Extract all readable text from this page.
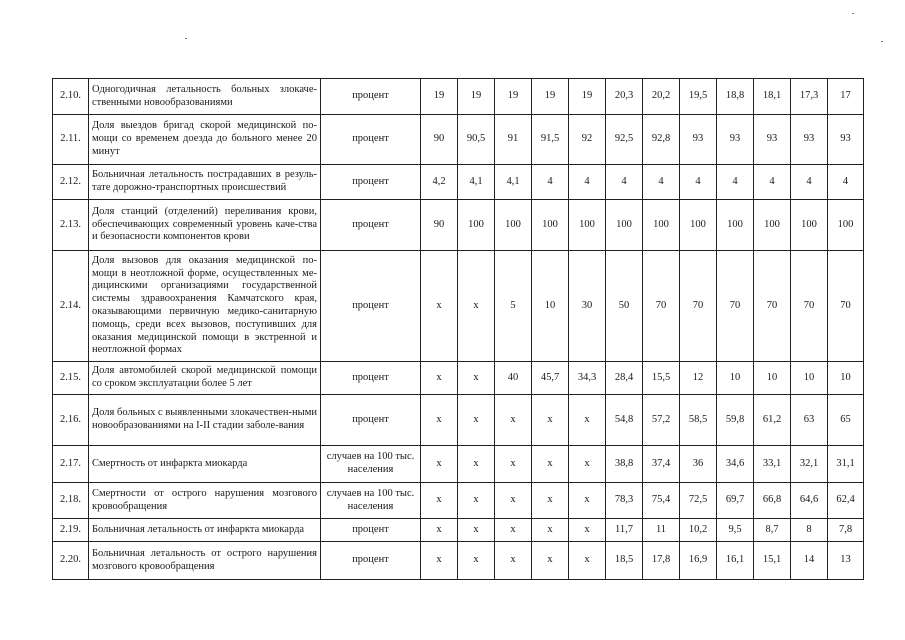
2.10.	Одногодичная летальность больных злокаче-ственными новообразованиями	процент	19	19	19	19	19	20,3	20,2	19,5	18,8	18,1	17,3	17
2.11.	Доля выездов бригад скорой медицинской по-мощи со временем доезда до больного менее 20 минут	процент	90	90,5	91	91,5	92	92,5	92,8	93	93	93	93	93
2.12.	Больничная летальность пострадавших в резуль-тате дорожно-транспортных происшествий	процент	4,2	4,1	4,1	4	4	4	4	4	4	4	4	4
2.13.	Доля станций (отделений) переливания крови, обеспечивающих современный уровень каче-ства и безопасности компонентов крови	процент	90	100	100	100	100	100	100	100	100	100	100	100
2.14.	Доля вызовов для оказания медицинской по-мощи в неотложной форме, осуществленных ме-дицинскими организациями государственной системы здравоохранения Камчатского края, оказывающими первичную медико-санитарную помощь, среди всех вызовов, поступивших для оказания медицинской помощи в экстренной и неотложной формах	процент	х	х	5	10	30	50	70	70	70	70	70	70
2.15.	Доля автомобилей скорой медицинской помощи со сроком эксплуатации более 5 лет	процент	х	х	40	45,7	34,3	28,4	15,5	12	10	10	10	10
2.16.	Доля больных с выявленными злокачествен-ными новообразованиями на I-II стадии заболе-вания	процент	х	х	х	х	х	54,8	57,2	58,5	59,8	61,2	63	65
2.17.	Смертность от инфаркта миокарда	случаев на 100 тыс. населения	х	х	х	х	х	38,8	37,4	36	34,6	33,1	32,1	31,1
2.18.	Смертности от острого нарушения мозгового кровообращения	случаев на 100 тыс. населения	х	х	х	х	х	78,3	75,4	72,5	69,7	66,8	64,6	62,4
2.19.	Больничная летальность от инфаркта миокарда	процент	х	х	х	х	х	11,7	11	10,2	9,5	8,7	8	7,8
2.20.	Больничная летальность от острого нарушения мозгового кровообращения	процент	х	х	х	х	х	18,5	17,8	16,9	16,1	15,1	14	13
